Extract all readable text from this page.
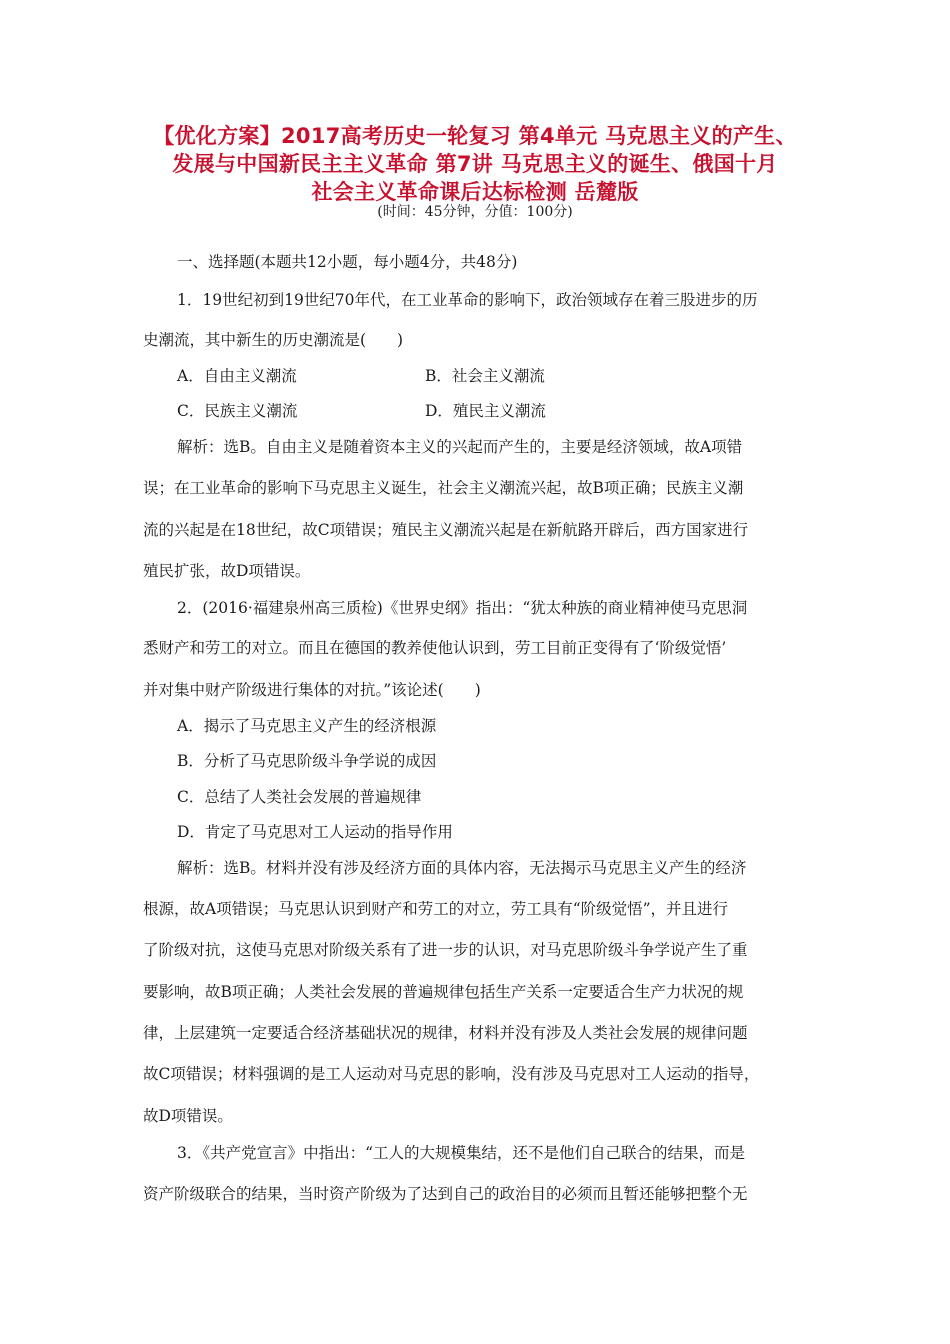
【优化方案】2017高考历史一轮复习 第4单元 马克思主义的产生、
发展与中国新民主主义革命 第7讲 马克思主义的诞生、俄国十月
社会主义革命课后达标检测 岳麓版
(时间：45分钟，分值：100分)
一、选择题(本题共12小题，每小题4分，共48分)
1．19世纪初到19世纪70年代，在工业革命的影响下，政治领域存在着三股进步的历
史潮流，其中新生的历史潮流是(　　)
A．自由主义潮流	B．社会主义潮流
C．民族主义潮流	D．殖民主义潮流
解析：选B。自由主义是随着资本主义的兴起而产生的，主要是经济领域，故A项错
误；在工业革命的影响下马克思主义诞生，社会主义潮流兴起，故B项正确；民族主义潮
流的兴起是在18世纪，故C项错误；殖民主义潮流兴起是在新航路开辟后，西方国家进行
殖民扩张，故D项错误。
2．(2016·福建泉州高三质检)《世界史纲》指出：“犹太种族的商业精神使马克思洞
悉财产和劳工的对立。而且在德国的教养使他认识到，劳工目前正变得有了‘阶级觉悟’
并对集中财产阶级进行集体的对抗。”该论述(　　)
A．揭示了马克思主义产生的经济根源
B．分析了马克思阶级斗争学说的成因
C．总结了人类社会发展的普遍规律
D．肯定了马克思对工人运动的指导作用
解析：选B。材料并没有涉及经济方面的具体内容，无法揭示马克思主义产生的经济
根源，故A项错误；马克思认识到财产和劳工的对立，劳工具有“阶级觉悟”，并且进行
了阶级对抗，这使马克思对阶级关系有了进一步的认识，对马克思阶级斗争学说产生了重
要影响，故B项正确；人类社会发展的普遍规律包括生产关系一定要适合生产力状况的规
律，上层建筑一定要适合经济基础状况的规律，材料并没有涉及人类社会发展的规律问题
故C项错误；材料强调的是工人运动对马克思的影响，没有涉及马克思对工人运动的指导，
故D项错误。
3．《共产党宣言》中指出：“工人的大规模集结，还不是他们自己联合的结果，而是
资产阶级联合的结果，当时资产阶级为了达到自己的政治目的必须而且暂还能够把整个无
